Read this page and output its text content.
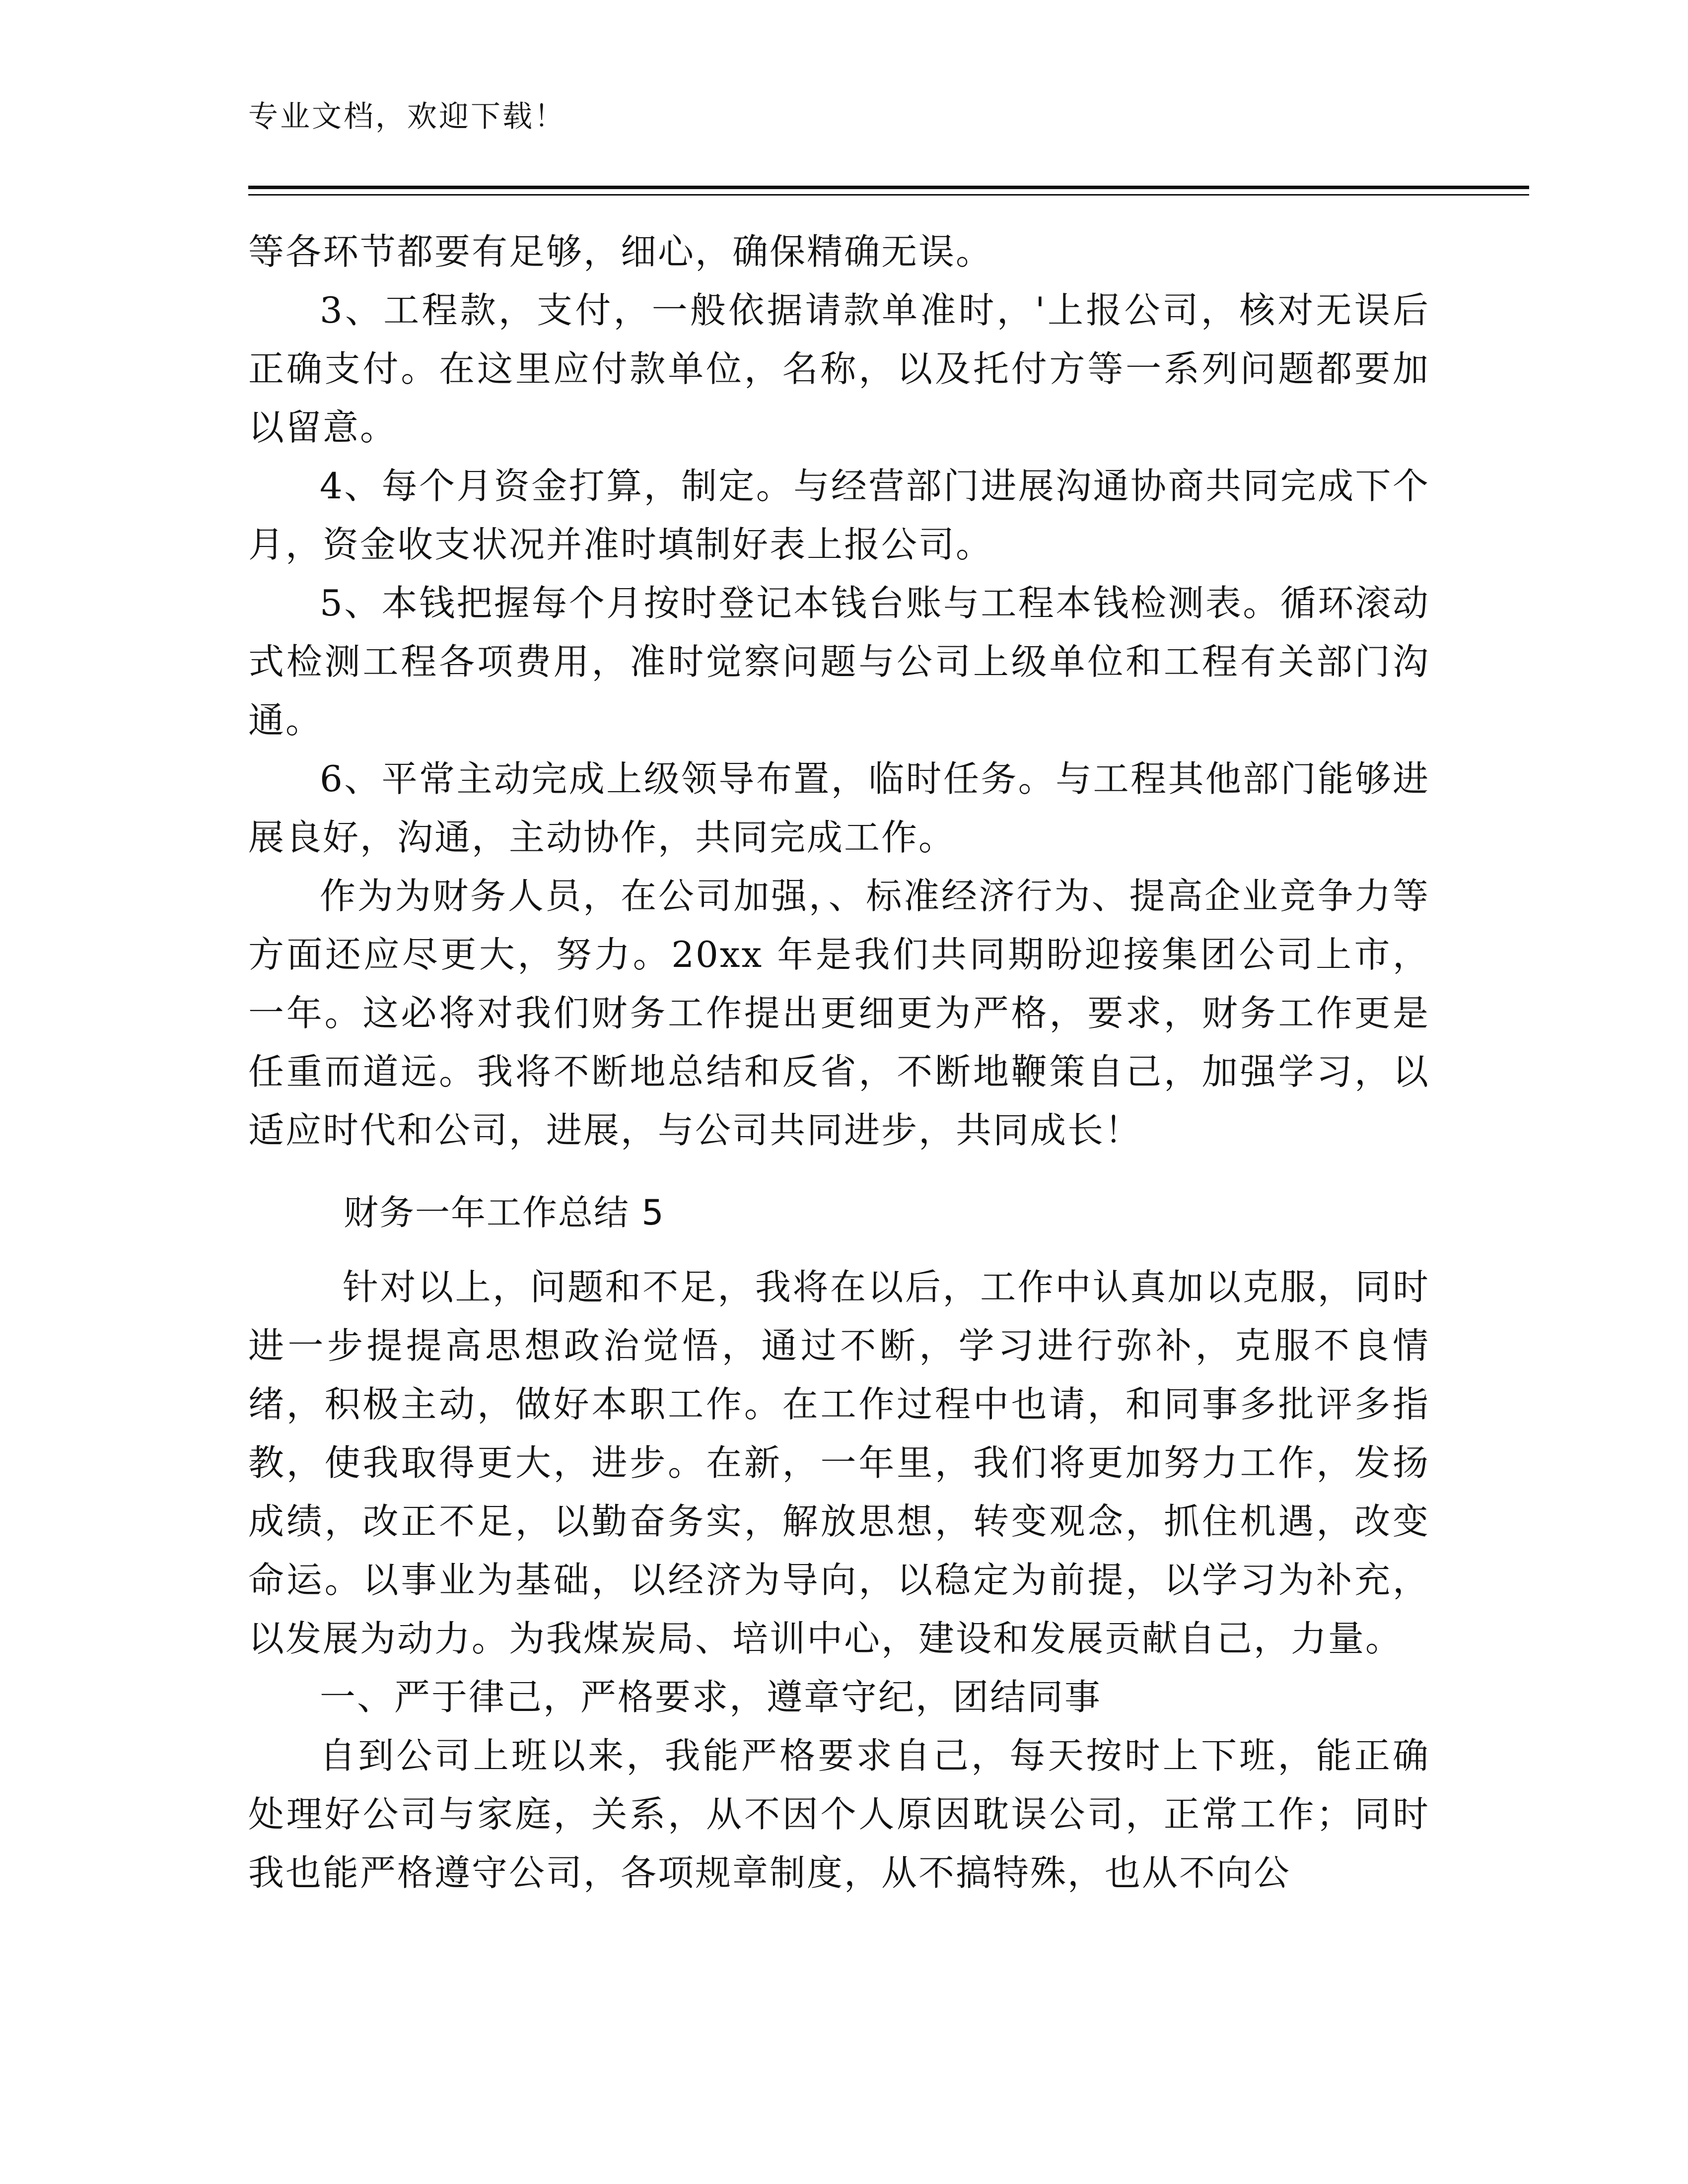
专业文档，欢迎下载！

等各环节都要有足够，细心，确保精确无误。

3、工程款，支付，一般依据请款单准时，'上报公司，核对无误后正确支付。在这里应付款单位，名称，以及托付方等一系列问题都要加以留意。

4、每个月资金打算，制定。与经营部门进展沟通协商共同完成下个月，资金收支状况并准时填制好表上报公司。

5、本钱把握每个月按时登记本钱台账与工程本钱检测表。循环滚动式检测工程各项费用，准时觉察问题与公司上级单位和工程有关部门沟通。

6、平常主动完成上级领导布置，临时任务。与工程其他部门能够进展良好，沟通，主动协作，共同完成工作。

作为为财务人员，在公司加强，、标准经济行为、提高企业竞争力等方面还应尽更大，努力。20xx 年是我们共同期盼迎接集团公司上市，一年。这必将对我们财务工作提出更细更为严格，要求，财务工作更是任重而道远。我将不断地总结和反省，不断地鞭策自己，加强学习，以适应时代和公司，进展，与公司共同进步，共同成长！

财务一年工作总结 5

针对以上，问题和不足，我将在以后，工作中认真加以克服，同时进一步提提高思想政治觉悟，通过不断，学习进行弥补，克服不良情绪，积极主动，做好本职工作。在工作过程中也请，和同事多批评多指教，使我取得更大，进步。在新，一年里，我们将更加努力工作，发扬成绩，改正不足，以勤奋务实，解放思想，转变观念，抓住机遇，改变命运。以事业为基础，以经济为导向，以稳定为前提，以学习为补充，以发展为动力。为我煤炭局、培训中心，建设和发展贡献自己，力量。

一、严于律己，严格要求，遵章守纪，团结同事

自到公司上班以来，我能严格要求自己，每天按时上下班，能正确处理好公司与家庭，关系，从不因个人原因耽误公司，正常工作；同时我也能严格遵守公司，各项规章制度，从不搞特殊，也从不向公
